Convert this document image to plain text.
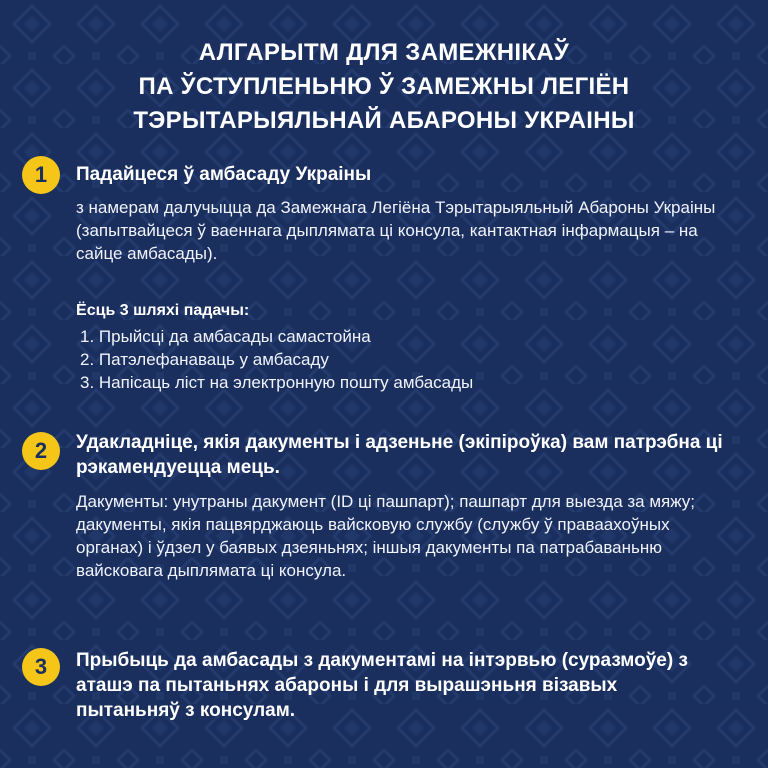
АЛГАРЫТМ ДЛЯ ЗАМЕЖНІКАЎ
ПА ЎСТУПЛЕНЬНЮ Ў ЗАМЕЖНЫ ЛЕГІЁН
ТЭРЫТАРЫЯЛЬНАЙ АБАРОНЫ УКРАІНЫ
1	Падайцеся ў амбасаду Украіны
з намерам далучыцца да Замежнага Легіёна Тэрытарыяльный Абароны Украіны (запытвайцеся ў ваеннага дыплямата ці консула, кантактная інфармацыя – на сайце амбасады).
Ёсць 3 шляхі падачы:
1. Прыйсці да амбасады самастойна
2. Патэлефанаваць у амбасаду
3. Напісаць ліст на электронную пошту амбасады
2	Удакладніце, якія дакументы і адзеньне (экіпіроўка) вам патрэбна ці рэкамендуецца мець.
Дакументы: унутраны дакумент (ID ці пашпарт); пашпарт для выезда за мяжу; дакументы, якія пацвярджаюць вайсковую службу (службу ў праваахоўных органах) і ўдзел у баявых дзеяньнях; іншыя дакументы па патрабаваньню вайсковага дыплямата ці консула.
3	Прыбыць да амбасады з дакументамі на інтэрвью (суразмоўе) з аташэ па пытаньнях абароны і для вырашэньня візавых пытаньняў з консулам.
